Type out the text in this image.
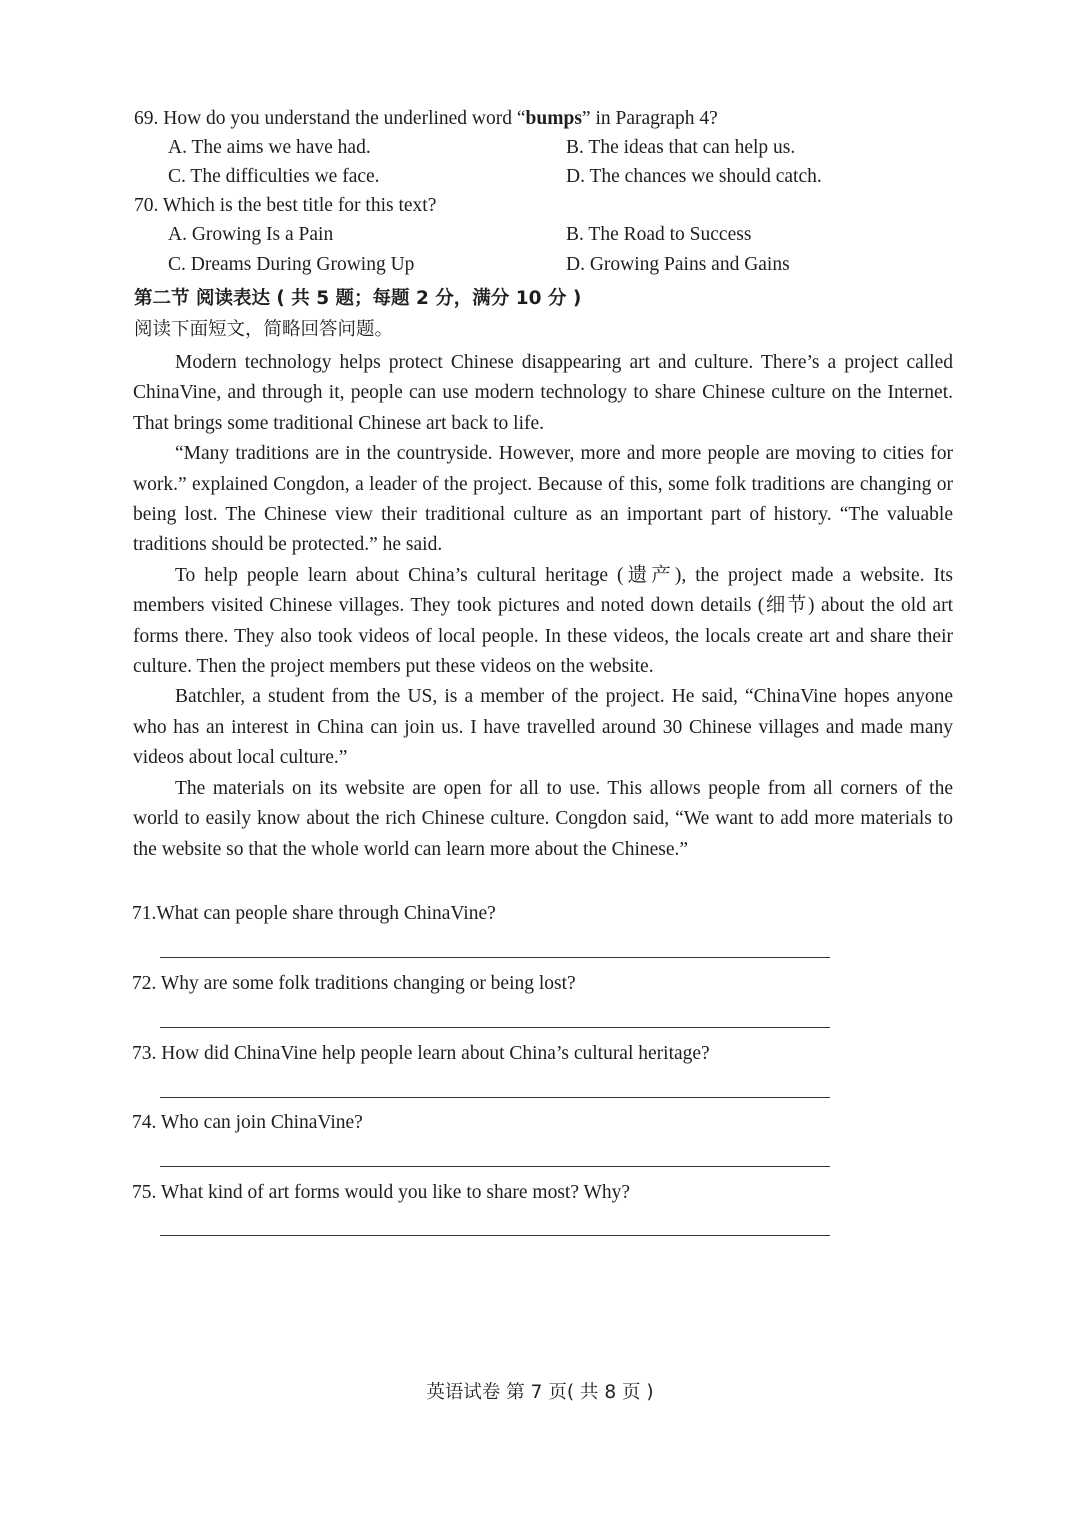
69. How do you understand the underlined word “bumps” in Paragraph 4?
A. The aims we have had.	B. The ideas that can help us.
C. The difficulties we face.	D. The chances we should catch.
70. Which is the best title for this text?
A. Growing Is a Pain	B. The Road to Success
C. Dreams During Growing Up	D. Growing Pains and Gains
第二节 阅读表达 ( 共 5 题；每题 2 分，满分 10 分 )
阅读下面短文，简略回答问题。

Modern technology helps protect Chinese disappearing art and culture. There’s a project called ChinaVine, and through it, people can use modern technology to share Chinese culture on the Internet. That brings some traditional Chinese art back to life.

“Many traditions are in the countryside. However, more and more people are moving to cities for work.” explained Congdon, a leader of the project. Because of this, some folk traditions are changing or being lost. The Chinese view their traditional culture as an important part of history. “The valuable traditions should be protected.” he said.

To help people learn about China’s cultural heritage (遗产), the project made a website. Its members visited Chinese villages. They took pictures and noted down details (细节) about the old art forms there. They also took videos of local people. In these videos, the locals create art and share their culture. Then the project members put these videos on the website.

Batchler, a student from the US, is a member of the project. He said, “ChinaVine hopes anyone who has an interest in China can join us. I have travelled around 30 Chinese villages and made many videos about local culture.”

The materials on its website are open for all to use. This allows people from all corners of the world to easily know about the rich Chinese culture. Congdon said, “We want to add more materials to the website so that the whole world can learn more about the Chinese.”

71.What can people share through ChinaVine?
72. Why are some folk traditions changing or being lost?
73. How did ChinaVine help people learn about China’s cultural heritage?
74. Who can join ChinaVine?
75. What kind of art forms would you like to share most? Why?
英语试卷 第 7 页( 共 8 页 )
